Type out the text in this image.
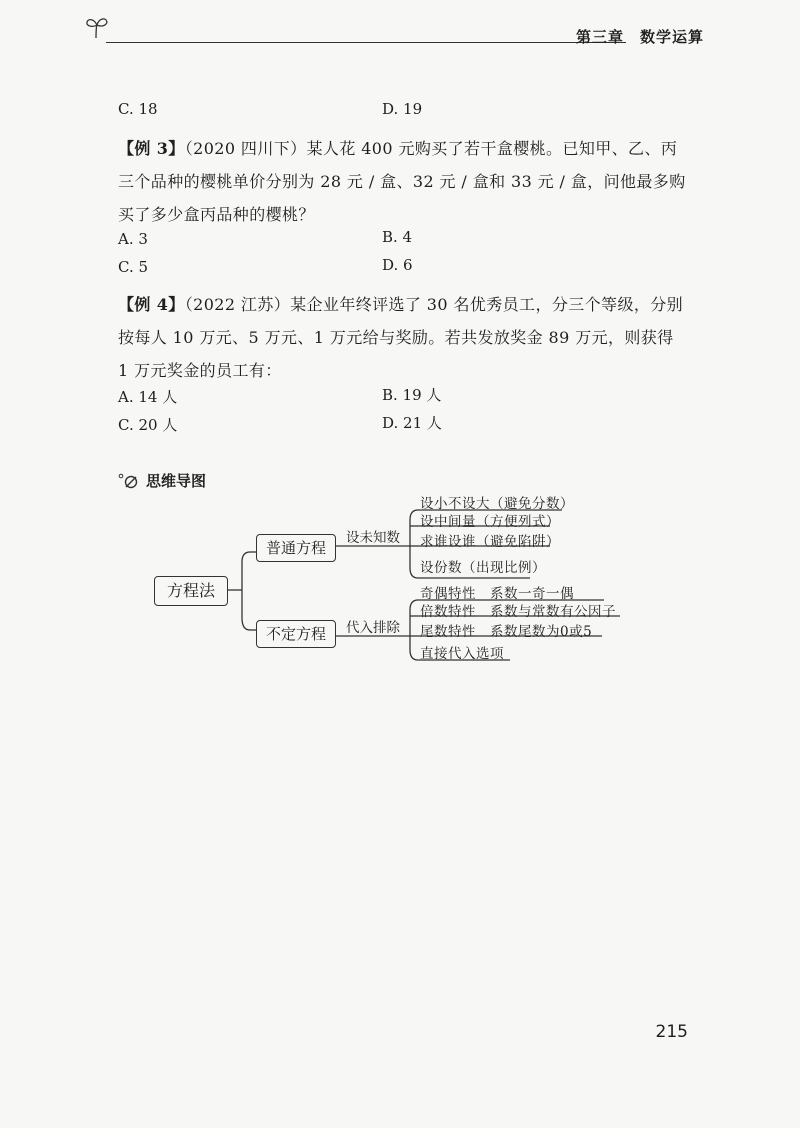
第三章　数学运算
C. 18	D. 19
【例 3】（2020 四川下）某人花 400 元购买了若干盒樱桃。已知甲、乙、丙三个品种的樱桃单价分别为 28 元 / 盒、32 元 / 盒和 33 元 / 盒，问他最多购买了多少盒丙品种的樱桃？
A. 3	B. 4
C. 5	D. 6
【例 4】（2022 江苏）某企业年终评选了 30 名优秀员工，分三个等级，分别按每人 10 万元、5 万元、1 万元给与奖励。若共发放奖金 89 万元，则获得 1 万元奖金的员工有：
A. 14 人	B. 19 人
C. 20 人	D. 21 人
思维导图
方程法
普通方程
不定方程
设未知数
代入排除
设小不设大（避免分数）
设中间量（方便列式）
求谁设谁（避免陷阱）
设份数（出现比例）
奇偶特性　系数一奇一偶
倍数特性　系数与常数有公因子
尾数特性　系数尾数为0或5
直接代入选项
215
